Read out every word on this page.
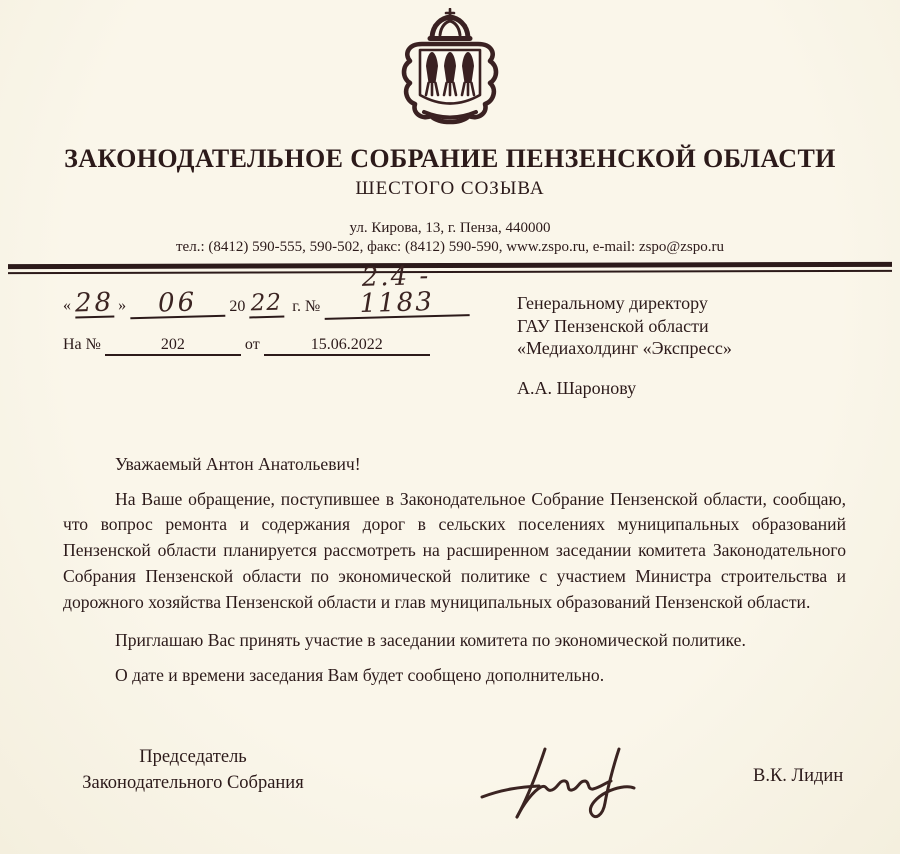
ЗАКОНОДАТЕЛЬНОЕ СОБРАНИЕ ПЕНЗЕНСКОЙ ОБЛАСТИ
ШЕСТОГО СОЗЫВА
ул. Кирова, 13, г. Пенза, 440000
тел.: (8412) 590-555, 590-502, факс: (8412) 590-590, www.zspo.ru, e-mail: zspo@zspo.ru
« 28 »	06	20 22 г. №
2.4 - 1183
На №	202	от	15.06.2022
Генеральному директору
ГАУ Пензенской области
«Медиахолдинг «Экспресс»
А.А. Шаронову

Уважаемый Антон Анатольевич!

На Ваше обращение, поступившее в Законодательное Собрание Пензенской области, сообщаю, что вопрос ремонта и содержания дорог в сельских поселениях муниципальных образований Пензенской области планируется рассмотреть на расширенном заседании комитета Законодательного Собрания Пензенской области по экономической политике с участием Министра строительства и дорожного хозяйства Пензенской области и глав муниципальных образований Пензенской области.

Приглашаю Вас принять участие в заседании комитета по экономической политике.

О дате и времени заседания Вам будет сообщено дополнительно.

Председатель
Законодательного Собрания	В.К. Лидин
